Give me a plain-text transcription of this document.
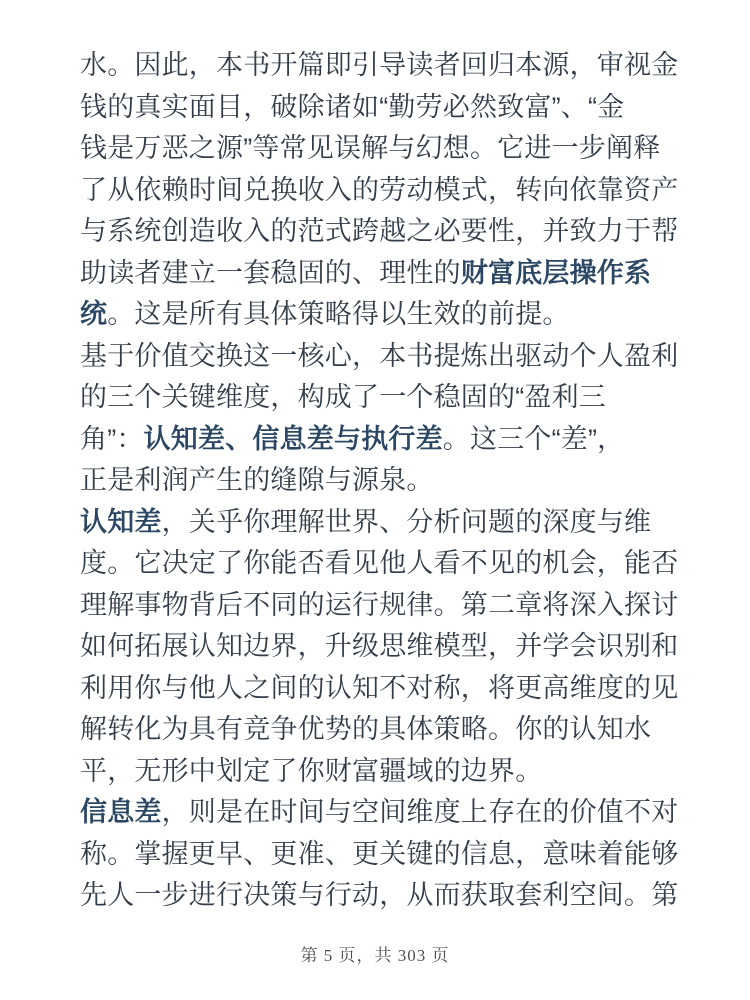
水。因此，本书开篇即引导读者回归本源，审视金
钱的真实面目，破除诸如“勤劳必然致富”、“金
钱是万恶之源”等常见误解与幻想。它进一步阐释
了从依赖时间兑换收入的劳动模式，转向依靠资产
与系统创造收入的范式跨越之必要性，并致力于帮
助读者建立一套稳固的、理性的财富底层操作系
统。这是所有具体策略得以生效的前提。

基于价值交换这一核心，本书提炼出驱动个人盈利
的三个关键维度，构成了一个稳固的“盈利三
角”：认知差、信息差与执行差。这三个“差”，
正是利润产生的缝隙与源泉。

认知差，关乎你理解世界、分析问题的深度与维
度。它决定了你能否看见他人看不见的机会，能否
理解事物背后不同的运行规律。第二章将深入探讨
如何拓展认知边界，升级思维模型，并学会识别和
利用你与他人之间的认知不对称，将更高维度的见
解转化为具有竞争优势的具体策略。你的认知水
平，无形中划定了你财富疆域的边界。

信息差，则是在时间与空间维度上存在的价值不对
称。掌握更早、更准、更关键的信息，意味着能够
先人一步进行决策与行动，从而获取套利空间。第

第 5 页，共 303 页
